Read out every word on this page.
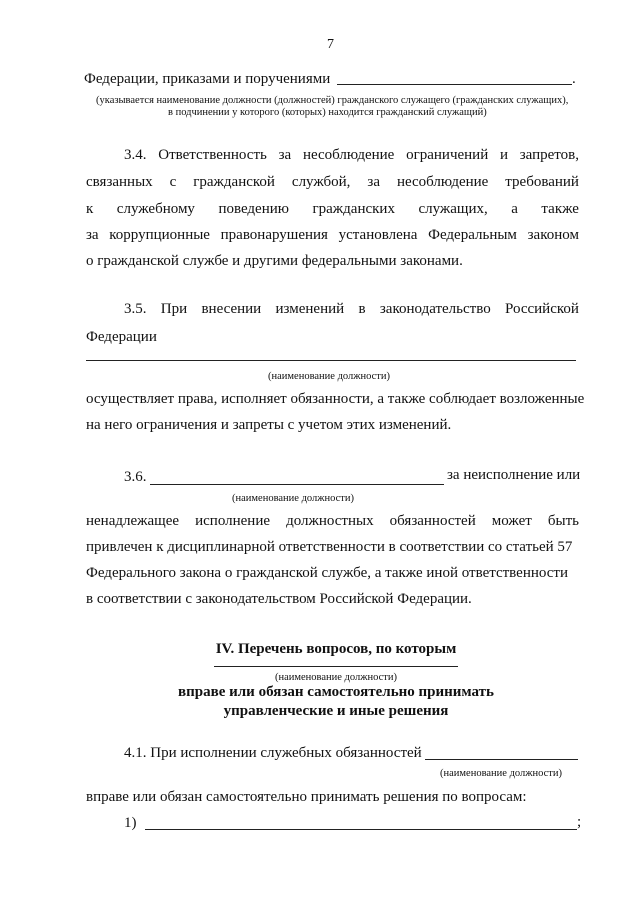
7
Федерации, приказами и поручениями	.
(указывается наименование должности (должностей) гражданского служащего (гражданских служащих),
в подчинении у которого (которых) находится гражданский служащий)
3.4. Ответственность за несоблюдение ограничений и запретов,
связанных с гражданской службой, за несоблюдение требований
к служебному поведению гражданских служащих, а также
за коррупционные правонарушения установлена Федеральным законом
о гражданской службе и другими федеральными законами.
3.5. При внесении изменений в законодательство Российской
Федерации
(наименование должности)
осуществляет права, исполняет обязанности, а также соблюдает возложенные
на него ограничения и запреты с учетом этих изменений.
3.6.	за неисполнение или
(наименование должности)
ненадлежащее исполнение должностных обязанностей может быть
привлечен к дисциплинарной ответственности в соответствии со статьей 57
Федерального закона о гражданской службе, а также иной ответственности
в соответствии с законодательством Российской Федерации.
IV. Перечень вопросов, по которым
(наименование должности)
вправе или обязан самостоятельно принимать
управленческие и иные решения
4.1. При исполнении служебных обязанностей
(наименование должности)
вправе или обязан самостоятельно принимать решения по вопросам:
1)	;
